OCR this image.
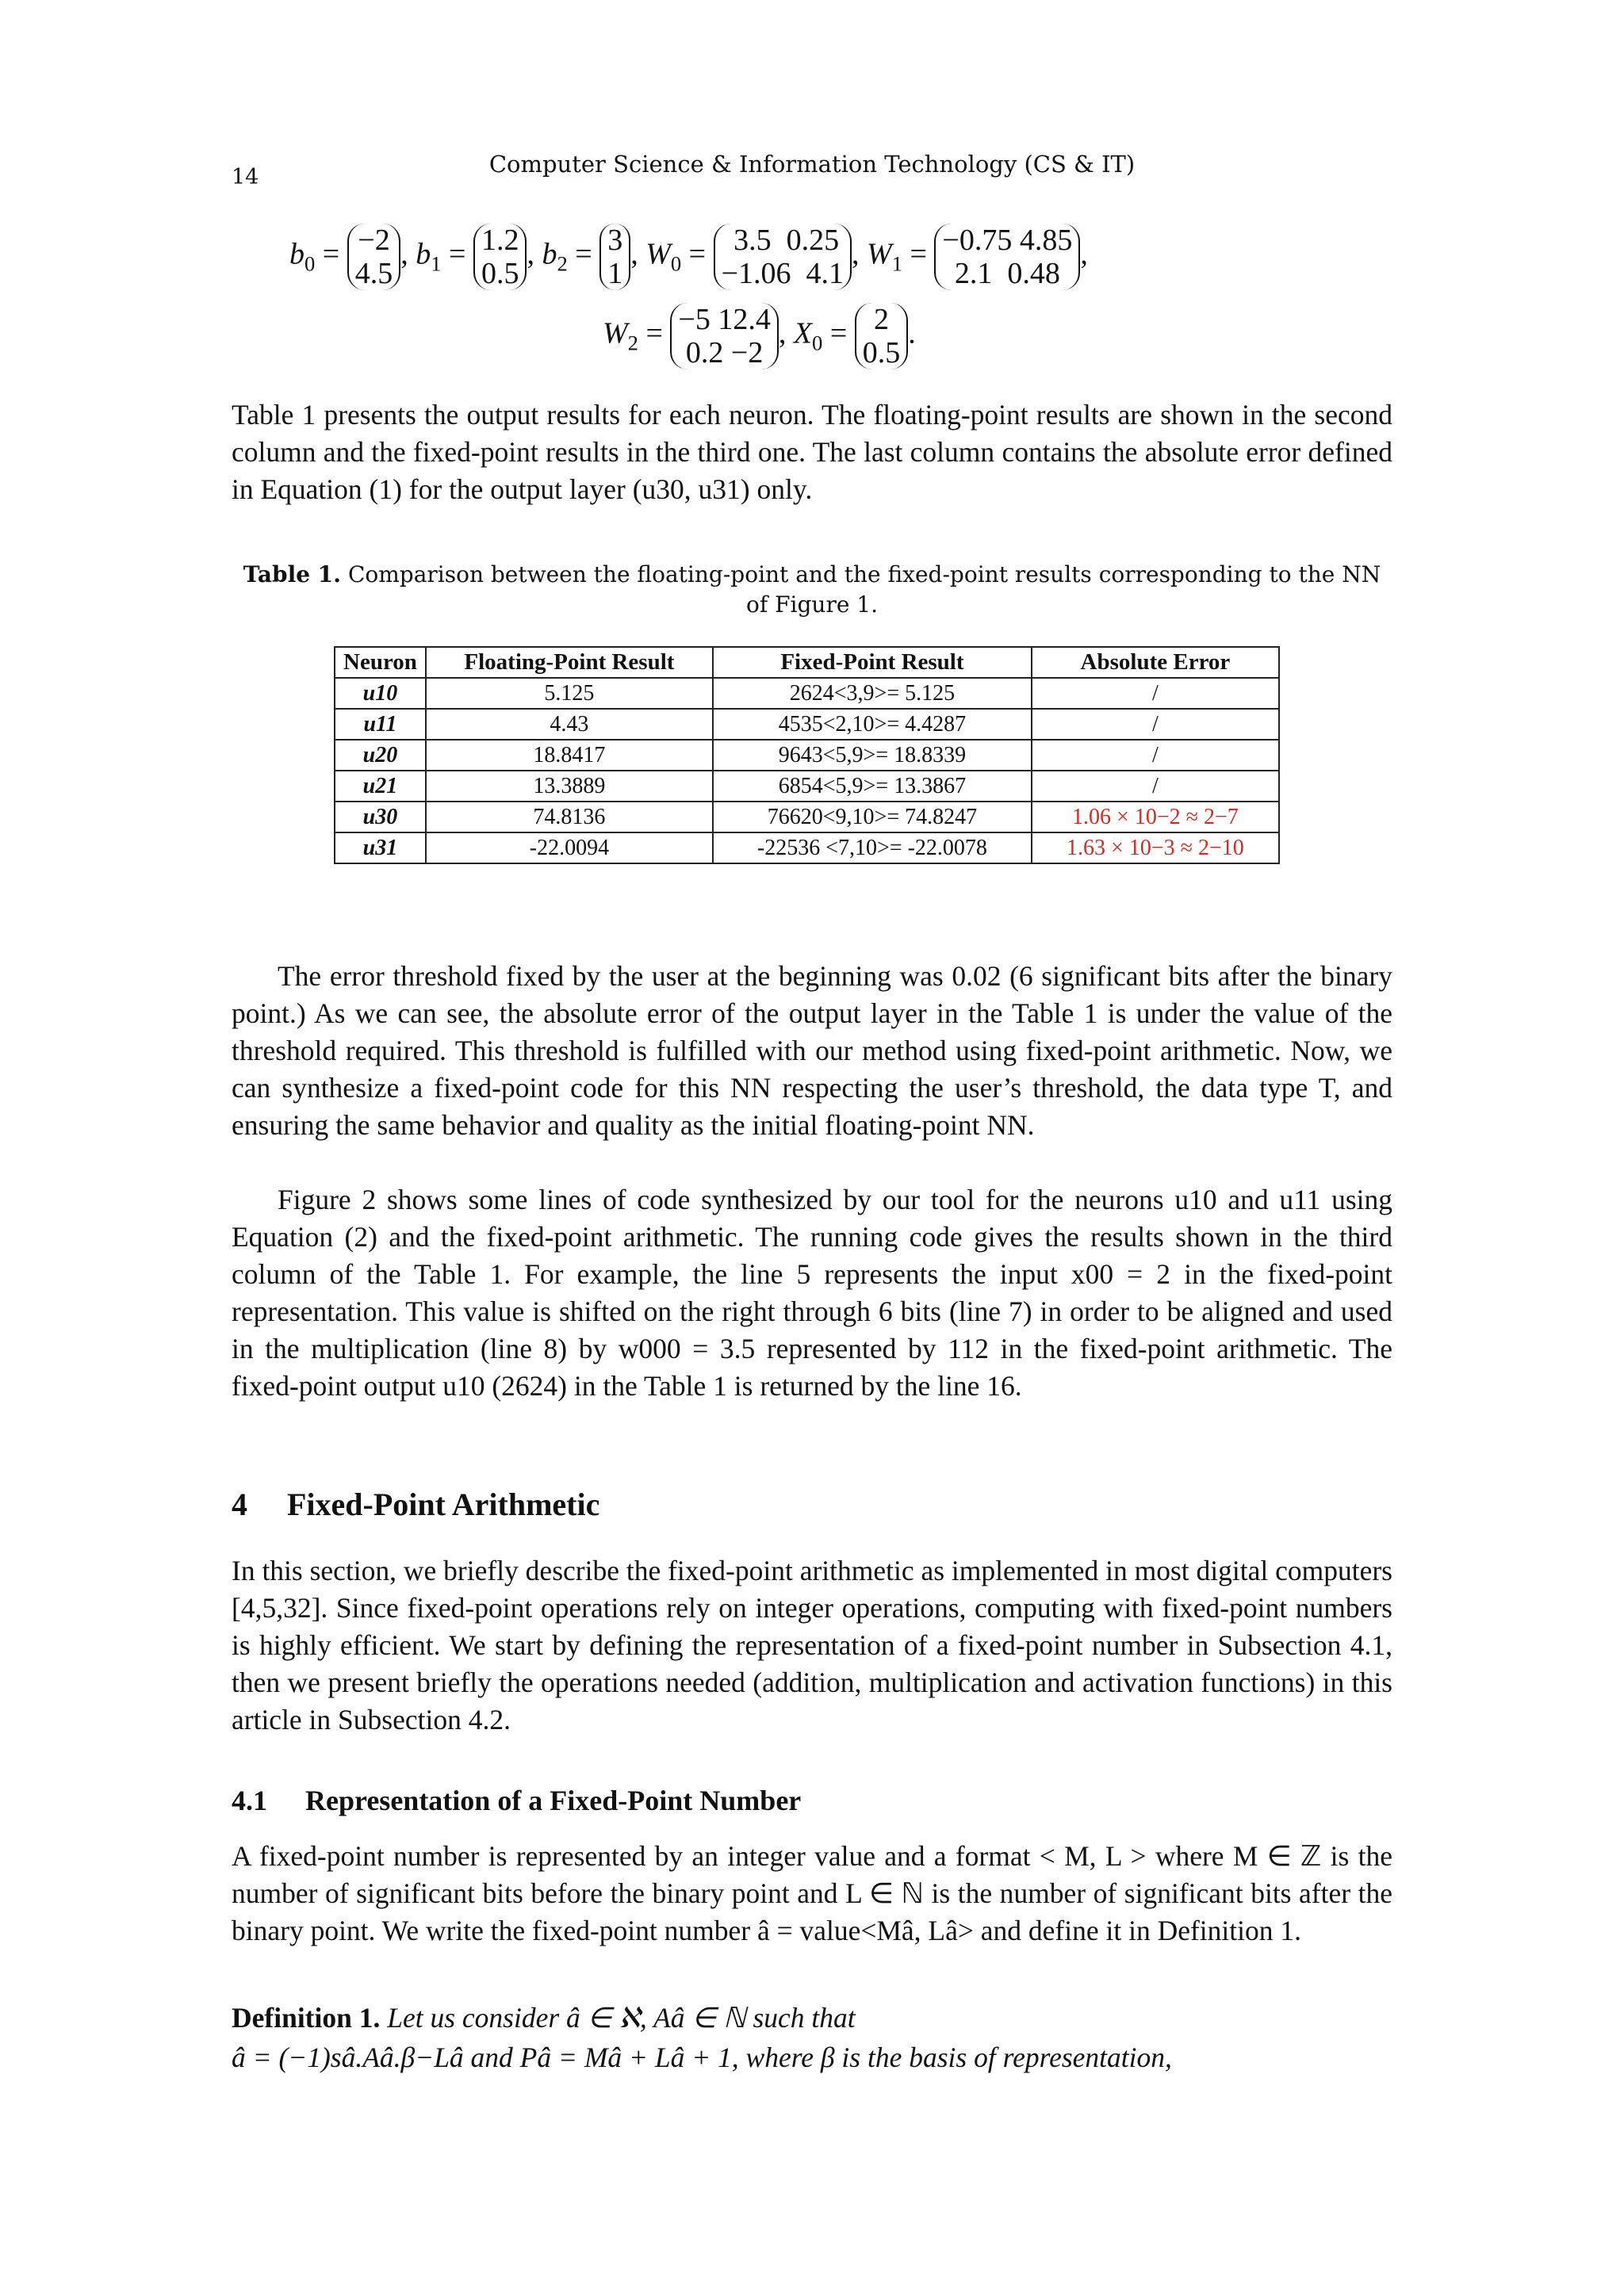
14	Computer Science & Information Technology (CS & IT)
$b_0 = -2$
4.5, $b_1 = 1.2$
0.5, $b_2 = 3$
1, $W_0 = 3.5$  0.25
−1.06  4.1, $W_1 = -0.75$ 4.85
2.1  0.48,
$W_2 = -5$ 12.4
0.2 −2, $X_0 = 2$
0.5.
Table 1 presents the output results for each neuron. The floating-point results are shown in the second column and the fixed-point results in the third one. The last column contains the absolute error defined in Equation (1) for the output layer (u30, u31) only.
Table 1. Comparison between the floating-point and the fixed-point results corresponding to the NN of Figure 1.
Neuron	Floating-Point Result	Fixed-Point Result	Absolute Error
u10	5.125	2624<3,9>= 5.125	/
u11	4.43	4535<2,10>= 4.4287	/
u20	18.8417	9643<5,9>= 18.8339	/
u21	13.3889	6854<5,9>= 13.3867	/
u30	74.8136	76620<9,10>= 74.8247	1.06 × 10−2 ≈ 2−7
u31	-22.0094	-22536 <7,10>= -22.0078	1.63 × 10−3 ≈ 2−10
The error threshold fixed by the user at the beginning was 0.02 (6 significant bits after the binary point.) As we can see, the absolute error of the output layer in the Table 1 is under the value of the threshold required. This threshold is fulfilled with our method using fixed-point arithmetic. Now, we can synthesize a fixed-point code for this NN respecting the user’s threshold, the data type T, and ensuring the same behavior and quality as the initial floating-point NN.
Figure 2 shows some lines of code synthesized by our tool for the neurons u10 and u11 using Equation (2) and the fixed-point arithmetic. The running code gives the results shown in the third column of the Table 1. For example, the line 5 represents the input x00 = 2 in the fixed-point representation. This value is shifted on the right through 6 bits (line 7) in order to be aligned and used in the multiplication (line 8) by w000 = 3.5 represented by 112 in the fixed-point arithmetic. The fixed-point output u10 (2624) in the Table 1 is returned by the line 16.
4 Fixed-Point Arithmetic
In this section, we briefly describe the fixed-point arithmetic as implemented in most digital computers [4,5,32]. Since fixed-point operations rely on integer operations, computing with fixed-point numbers is highly efficient. We start by defining the representation of a fixed-point number in Subsection 4.1, then we present briefly the operations needed (addition, multiplication and activation functions) in this article in Subsection 4.2.
4.1 Representation of a Fixed-Point Number
A fixed-point number is represented by an integer value and a format < M, L > where M ∈ ℤ is the number of significant bits before the binary point and L ∈ ℕ is the number of significant bits after the binary point. We write the fixed-point number â = value<Mâ, Lâ> and define it in Definition 1.
Definition 1. Let us consider â ∈ ℵ, Aâ ∈ ℕ such that
â = (−1)sâ.Aâ.β−Lâ and Pâ = Mâ + Lâ + 1, where β is the basis of representation,
